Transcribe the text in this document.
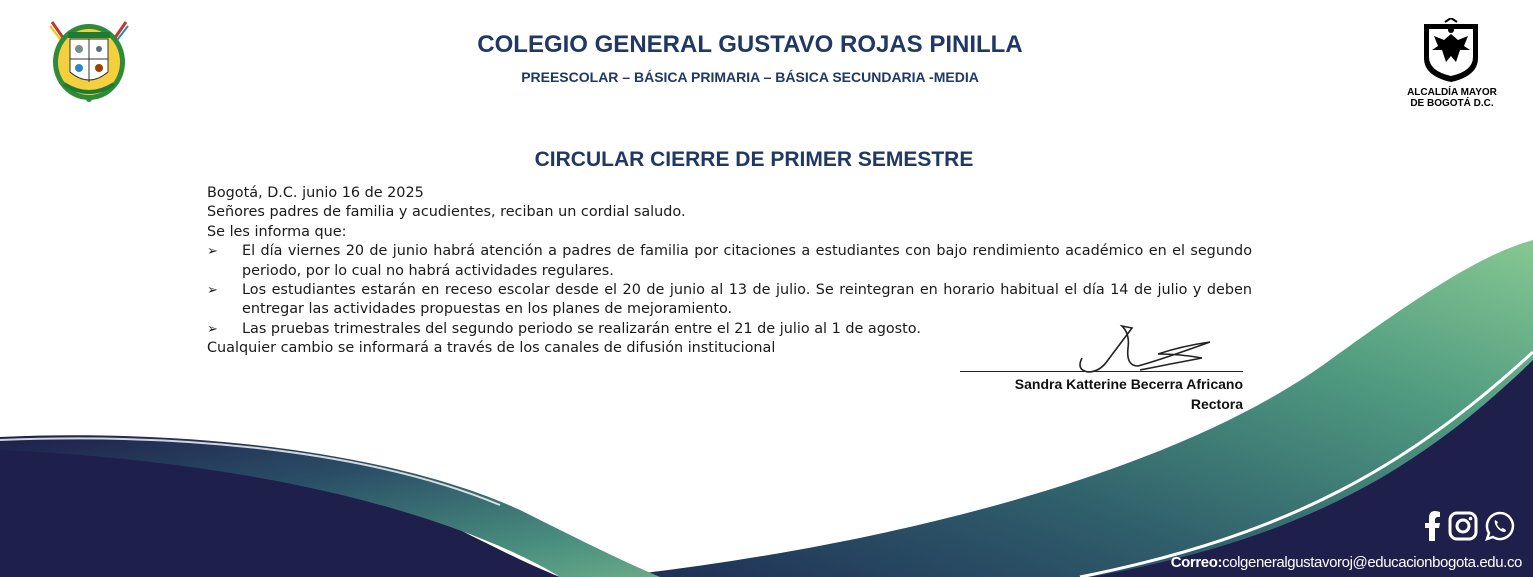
COLEGIO GENERAL GUSTAVO ROJAS PINILLA
PREESCOLAR – BÁSICA PRIMARIA – BÁSICA SECUNDARIA -MEDIA
ALCALDÍA MAYOR
DE BOGOTÁ D.C.
CIRCULAR CIERRE DE PRIMER SEMESTRE

Bogotá, D.C. junio 16 de 2025

Señores padres de familia y acudientes, reciban un cordial saludo.

Se les informa que:

➢ El día viernes 20 de junio habrá atención a padres de familia por citaciones a estudiantes con bajo rendimiento académico en el segundo periodo, por lo cual no habrá actividades regulares.
➢ Los estudiantes estarán en receso escolar desde el 20 de junio al 13 de julio. Se reintegran en horario habitual el día 14 de julio y deben entregar las actividades propuestas en los planes de mejoramiento.
➢ Las pruebas trimestrales del segundo periodo se realizarán entre el 21 de julio al 1 de agosto.

Cualquier cambio se informará a través de los canales de difusión institucional

Sandra Katterine Becerra Africano
Rectora
Correo:colgeneralgustavoroj@educacionbogota.edu.co
